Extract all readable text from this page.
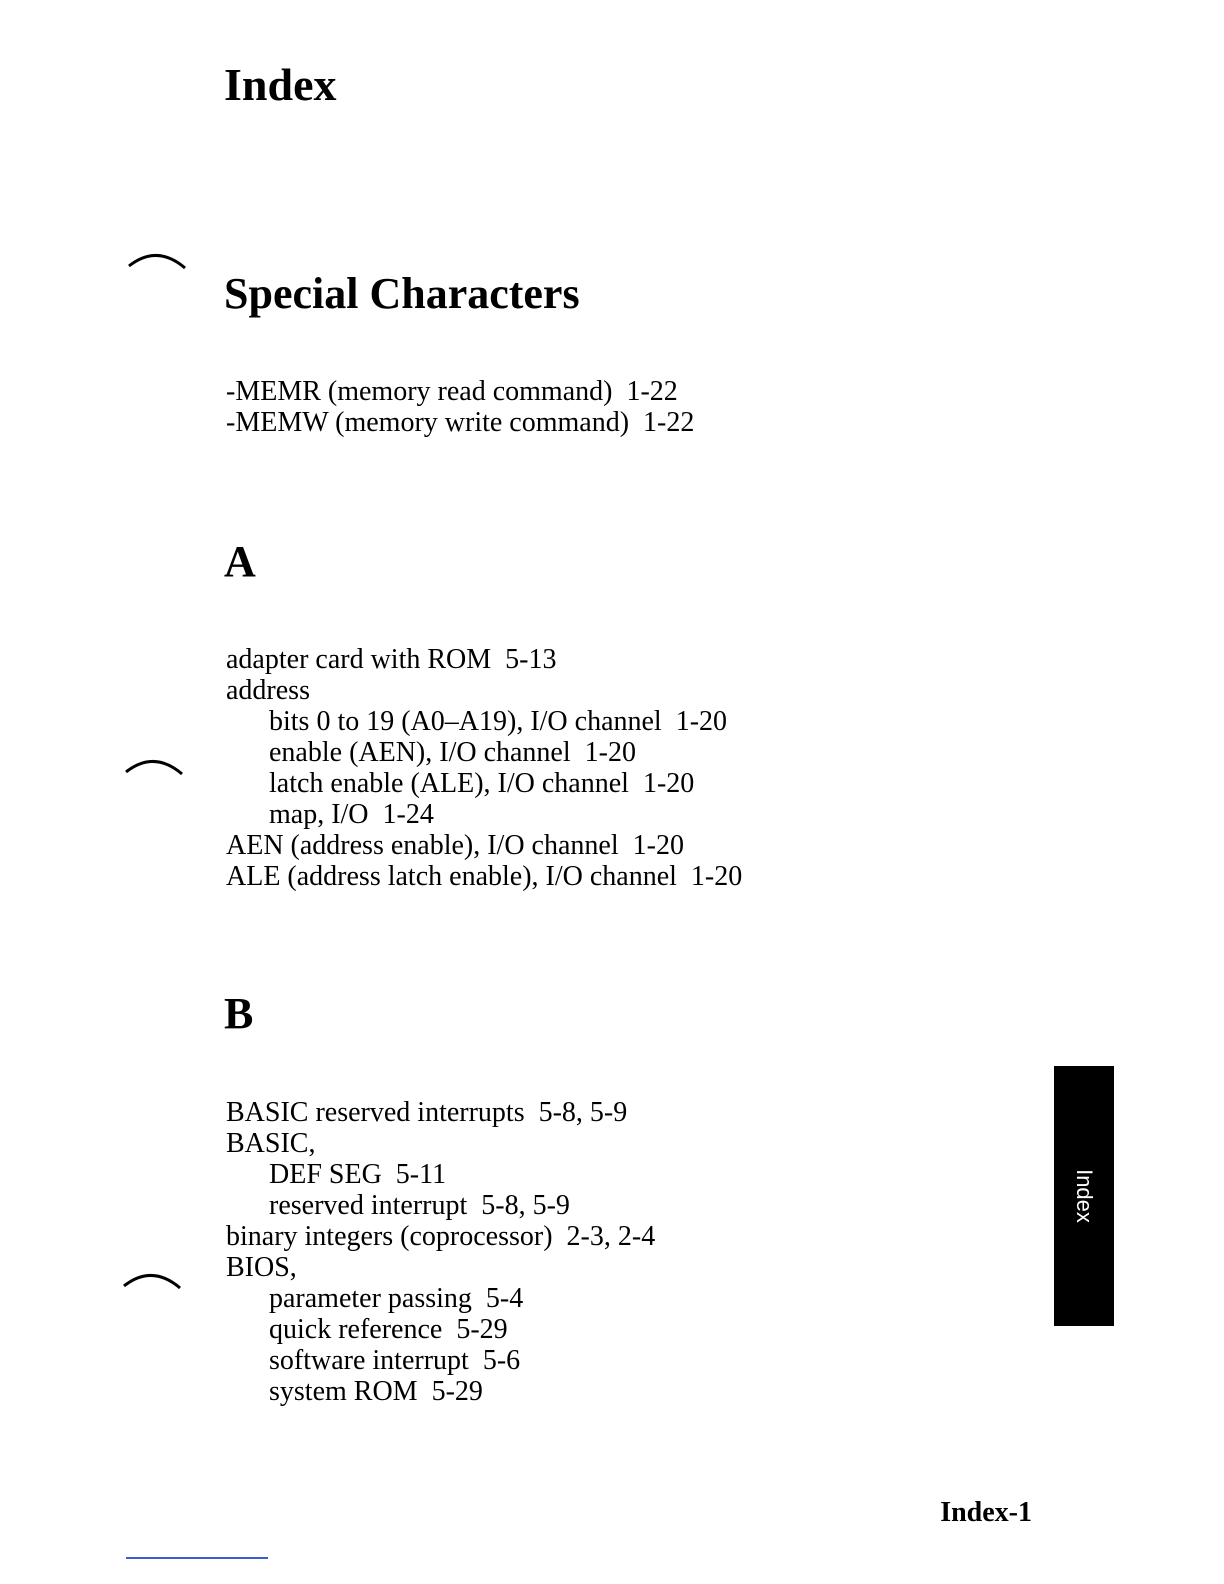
Index
Special Characters
-MEMR (memory read command)  1-22
-MEMW (memory write command)  1-22
A
adapter card with ROM  5-13
address
bits 0 to 19 (A0–A19), I/O channel  1-20
enable (AEN), I/O channel  1-20
latch enable (ALE), I/O channel  1-20
map, I/O  1-24
AEN (address enable), I/O channel  1-20
ALE (address latch enable), I/O channel  1-20
B
BASIC reserved interrupts  5-8, 5-9
BASIC,
DEF SEG  5-11
reserved interrupt  5-8, 5-9
binary integers (coprocessor)  2-3, 2-4
BIOS,
parameter passing  5-4
quick reference  5-29
software interrupt  5-6
system ROM  5-29
Index
Index-1
